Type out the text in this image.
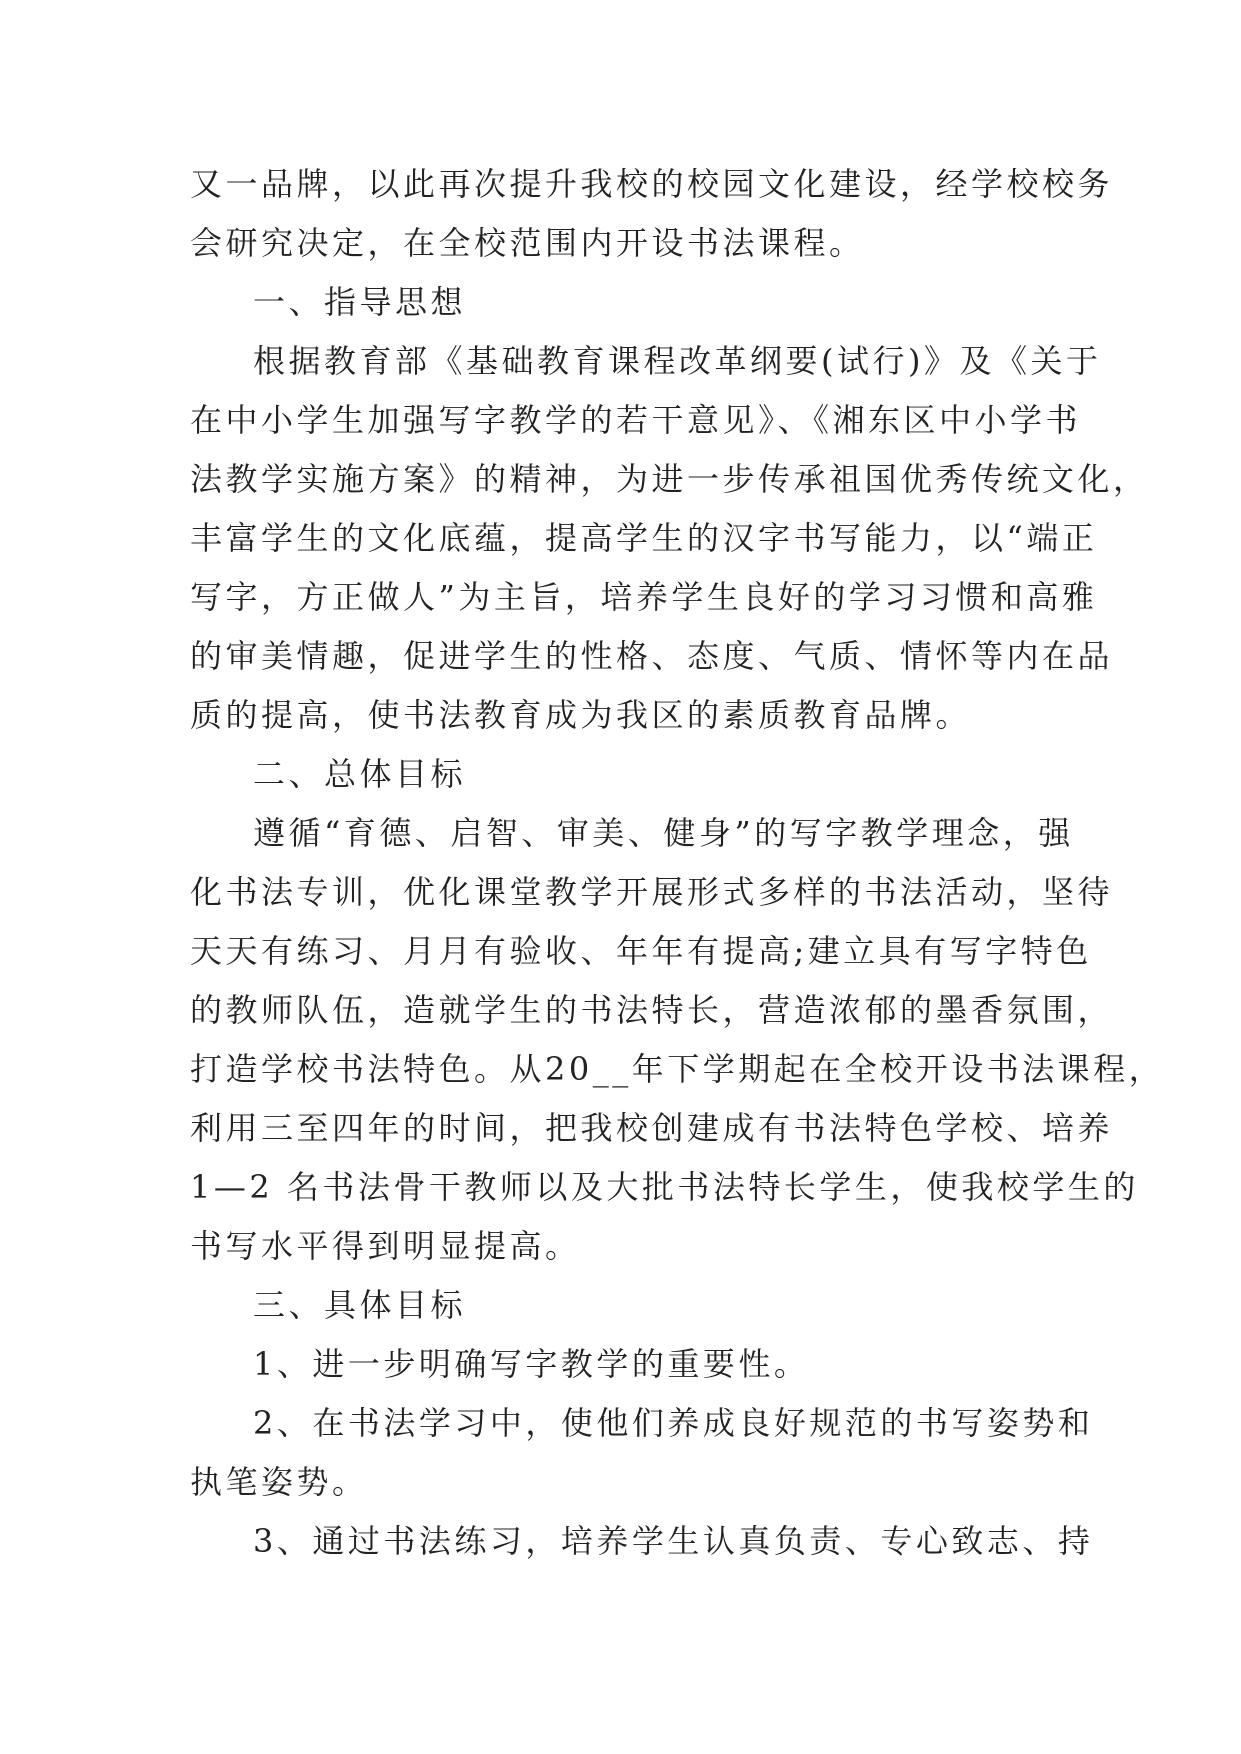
又一品牌，以此再次提升我校的校园文化建设，经学校校务
会研究决定，在全校范围内开设书法课程。
一、指导思想
根据教育部《基础教育课程改革纲要(试行)》及《关于
在中小学生加强写字教学的若干意见》、《湘东区中小学书
法教学实施方案》的精神，为进一步传承祖国优秀传统文化，
丰富学生的文化底蕴，提高学生的汉字书写能力，以“端正
写字，方正做人”为主旨，培养学生良好的学习习惯和高雅
的审美情趣，促进学生的性格、态度、气质、情怀等内在品
质的提高，使书法教育成为我区的素质教育品牌。
二、总体目标
遵循“育德、启智、审美、健身”的写字教学理念，强
化书法专训，优化课堂教学开展形式多样的书法活动，坚待
天天有练习、月月有验收、年年有提高;建立具有写字特色
的教师队伍，造就学生的书法特长，营造浓郁的墨香氛围，
打造学校书法特色。从20__年下学期起在全校开设书法课程，
利用三至四年的时间，把我校创建成有书法特色学校、培养
1—2 名书法骨干教师以及大批书法特长学生，使我校学生的
书写水平得到明显提高。
三、具体目标
1、进一步明确写字教学的重要性。
2、在书法学习中，使他们养成良好规范的书写姿势和
执笔姿势。
3、通过书法练习，培养学生认真负责、专心致志、持
